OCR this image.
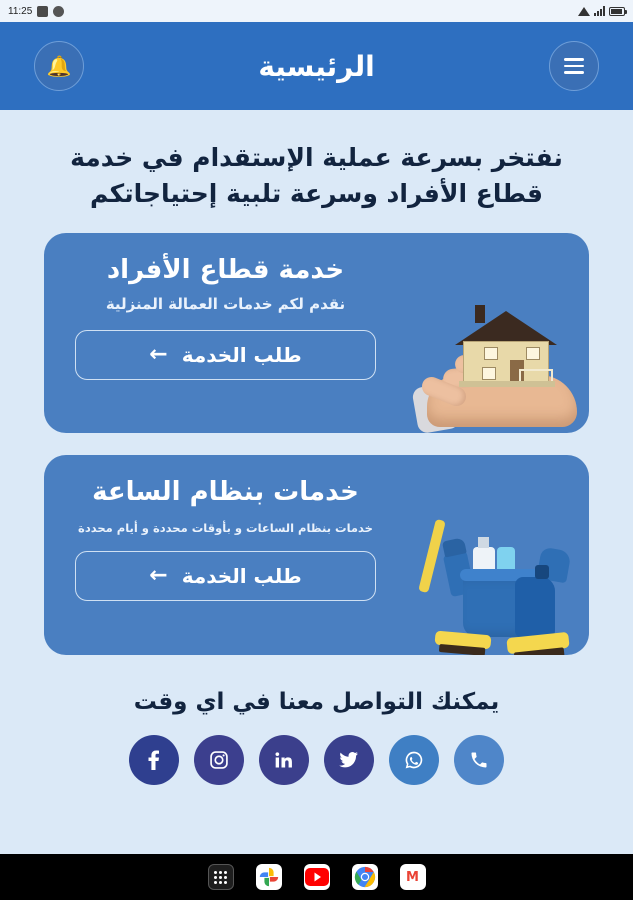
11:25
🔔	الرئيسية
نفتخر بسرعة عملية الإستقدام في خدمة قطاع الأفراد وسرعة تلبية إحتياجاتكم
خدمة قطاع الأفراد
نقدم لكم خدمات العمالة المنزلية
طلب الخدمة
←
خدمات بنظام الساعة
خدمات بنظام الساعات و بأوقات محددة و أيام محددة
طلب الخدمة
←
يمكنك التواصل معنا في اي وقت
M
